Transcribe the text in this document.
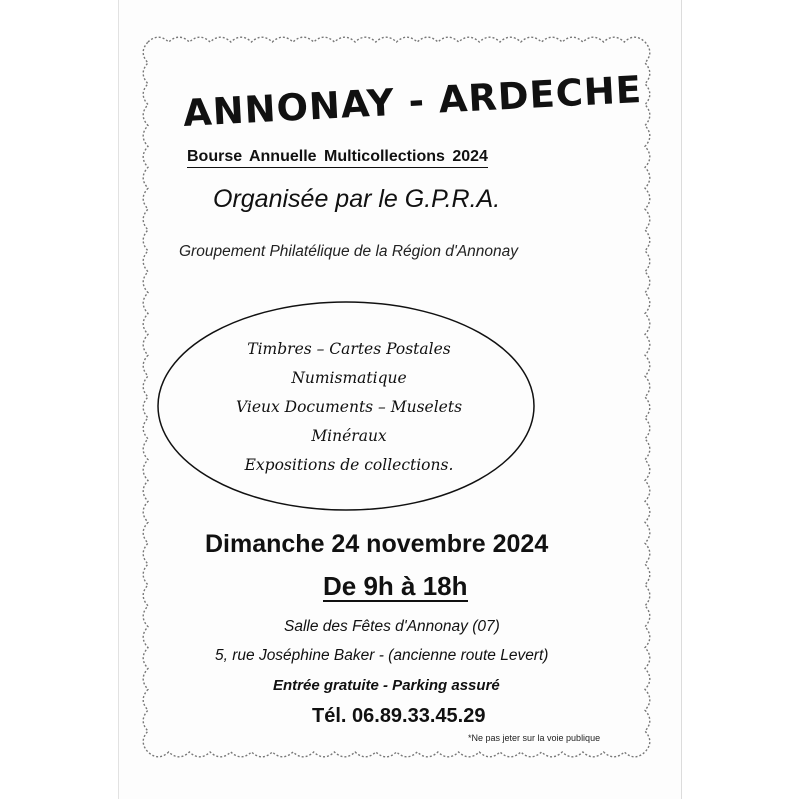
ANNONAY - ARDECHE
Bourse Annuelle Multicollections 2024
Organisée par le G.P.R.A.
Groupement Philatélique de la Région d'Annonay
Timbres – Cartes Postales
Numismatique
Vieux Documents – Muselets
Minéraux
Expositions de collections.
Dimanche 24 novembre 2024
De 9h à 18h
Salle des Fêtes d'Annonay (07)
5, rue Joséphine Baker - (ancienne route Levert)
Entrée gratuite - Parking assuré
Tél. 06.89.33.45.29
*Ne pas jeter sur la voie publique
